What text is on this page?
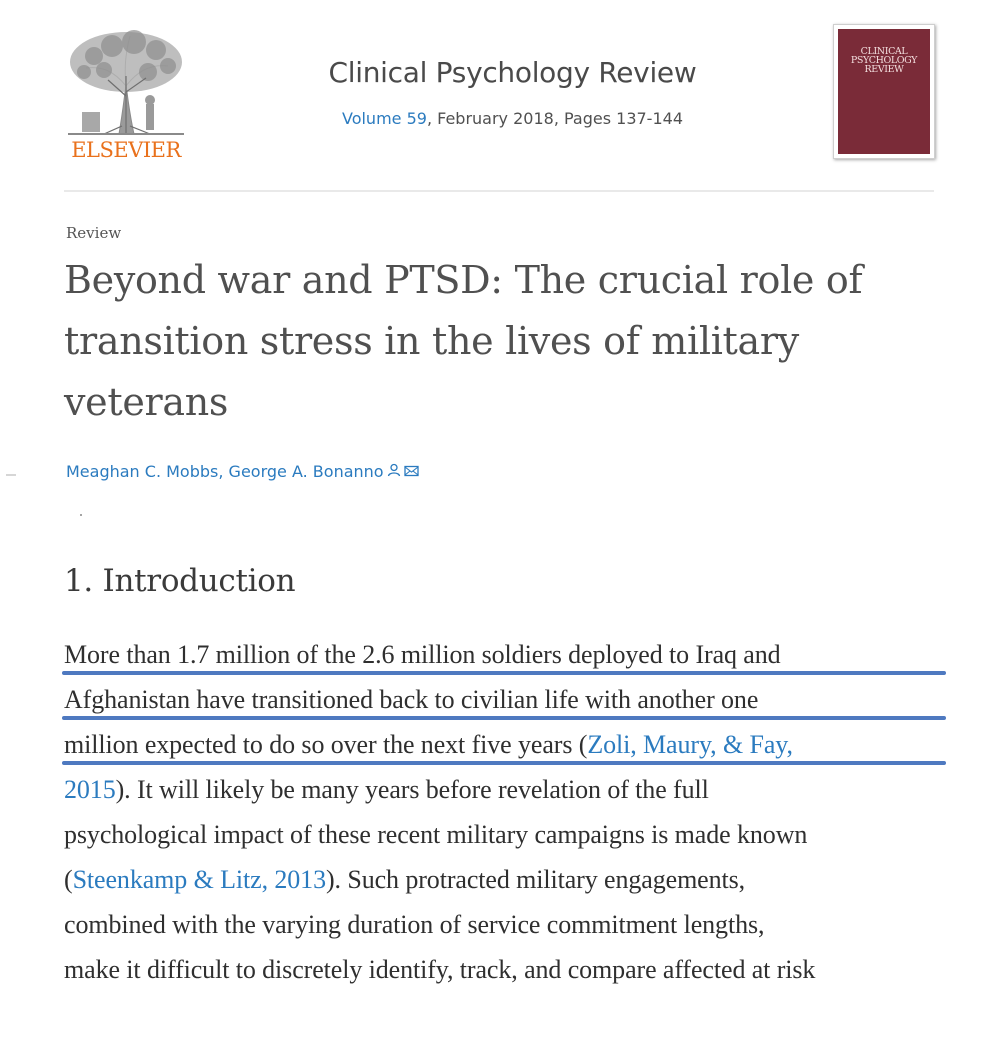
ELSEVIER
Clinical Psychology Review
Volume 59, February 2018, Pages 137-144
CLINICAL
PSYCHOLOGY
REVIEW
Review
Beyond war and PTSD: The crucial role of
transition stress in the lives of military
veterans
Meaghan C. Mobbs , George A. Bonanno
1. Introduction
More than 1.7 million of the 2.6 million soldiers deployed to Iraq and
Afghanistan have transitioned back to civilian life with another one
million expected to do so over the next five years (Zoli, Maury, & Fay,
2015). It will likely be many years before revelation of the full
psychological impact of these recent military campaigns is made known
(Steenkamp & Litz, 2013). Such protracted military engagements,
combined with the varying duration of service commitment lengths,
make it difficult to discretely identify, track, and compare affected at risk
